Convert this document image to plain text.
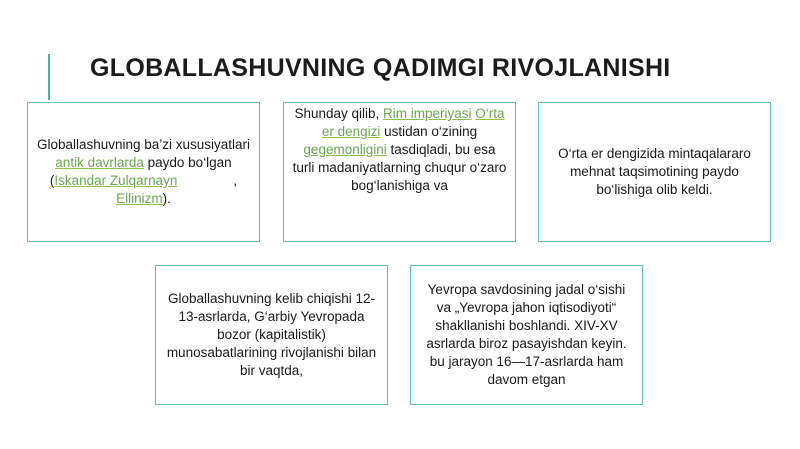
GLOBALLASHUVNING QADIMGI RIVOJLANISHI
Globallashuvning ba’zi xususiyatlari antik davrlarda paydo bo‘lgan (Iskandar Zulqarnayn	, Ellinizm).
Shunday qilib, Rim imperiyasi O‘rta er dengizi ustidan o‘zining gegemonligini tasdiqladi, bu esa turli madaniyatlarning chuqur o‘zaro bog‘lanishiga va
O‘rta er dengizida mintaqalararo mehnat taqsimotining paydo bo‘lishiga olib keldi.
Globallashuvning kelib chiqishi 12-13-asrlarda, G‘arbiy Yevropada bozor (kapitalistik) munosabatlarining rivojlanishi bilan bir vaqtda,
Yevropa savdosining jadal o‘sishi va „Yevropa jahon iqtisodiyoti“ shakllanishi boshlandi. XIV-XV asrlarda biroz pasayishdan keyin. bu jarayon 16—17-asrlarda ham davom etgan
